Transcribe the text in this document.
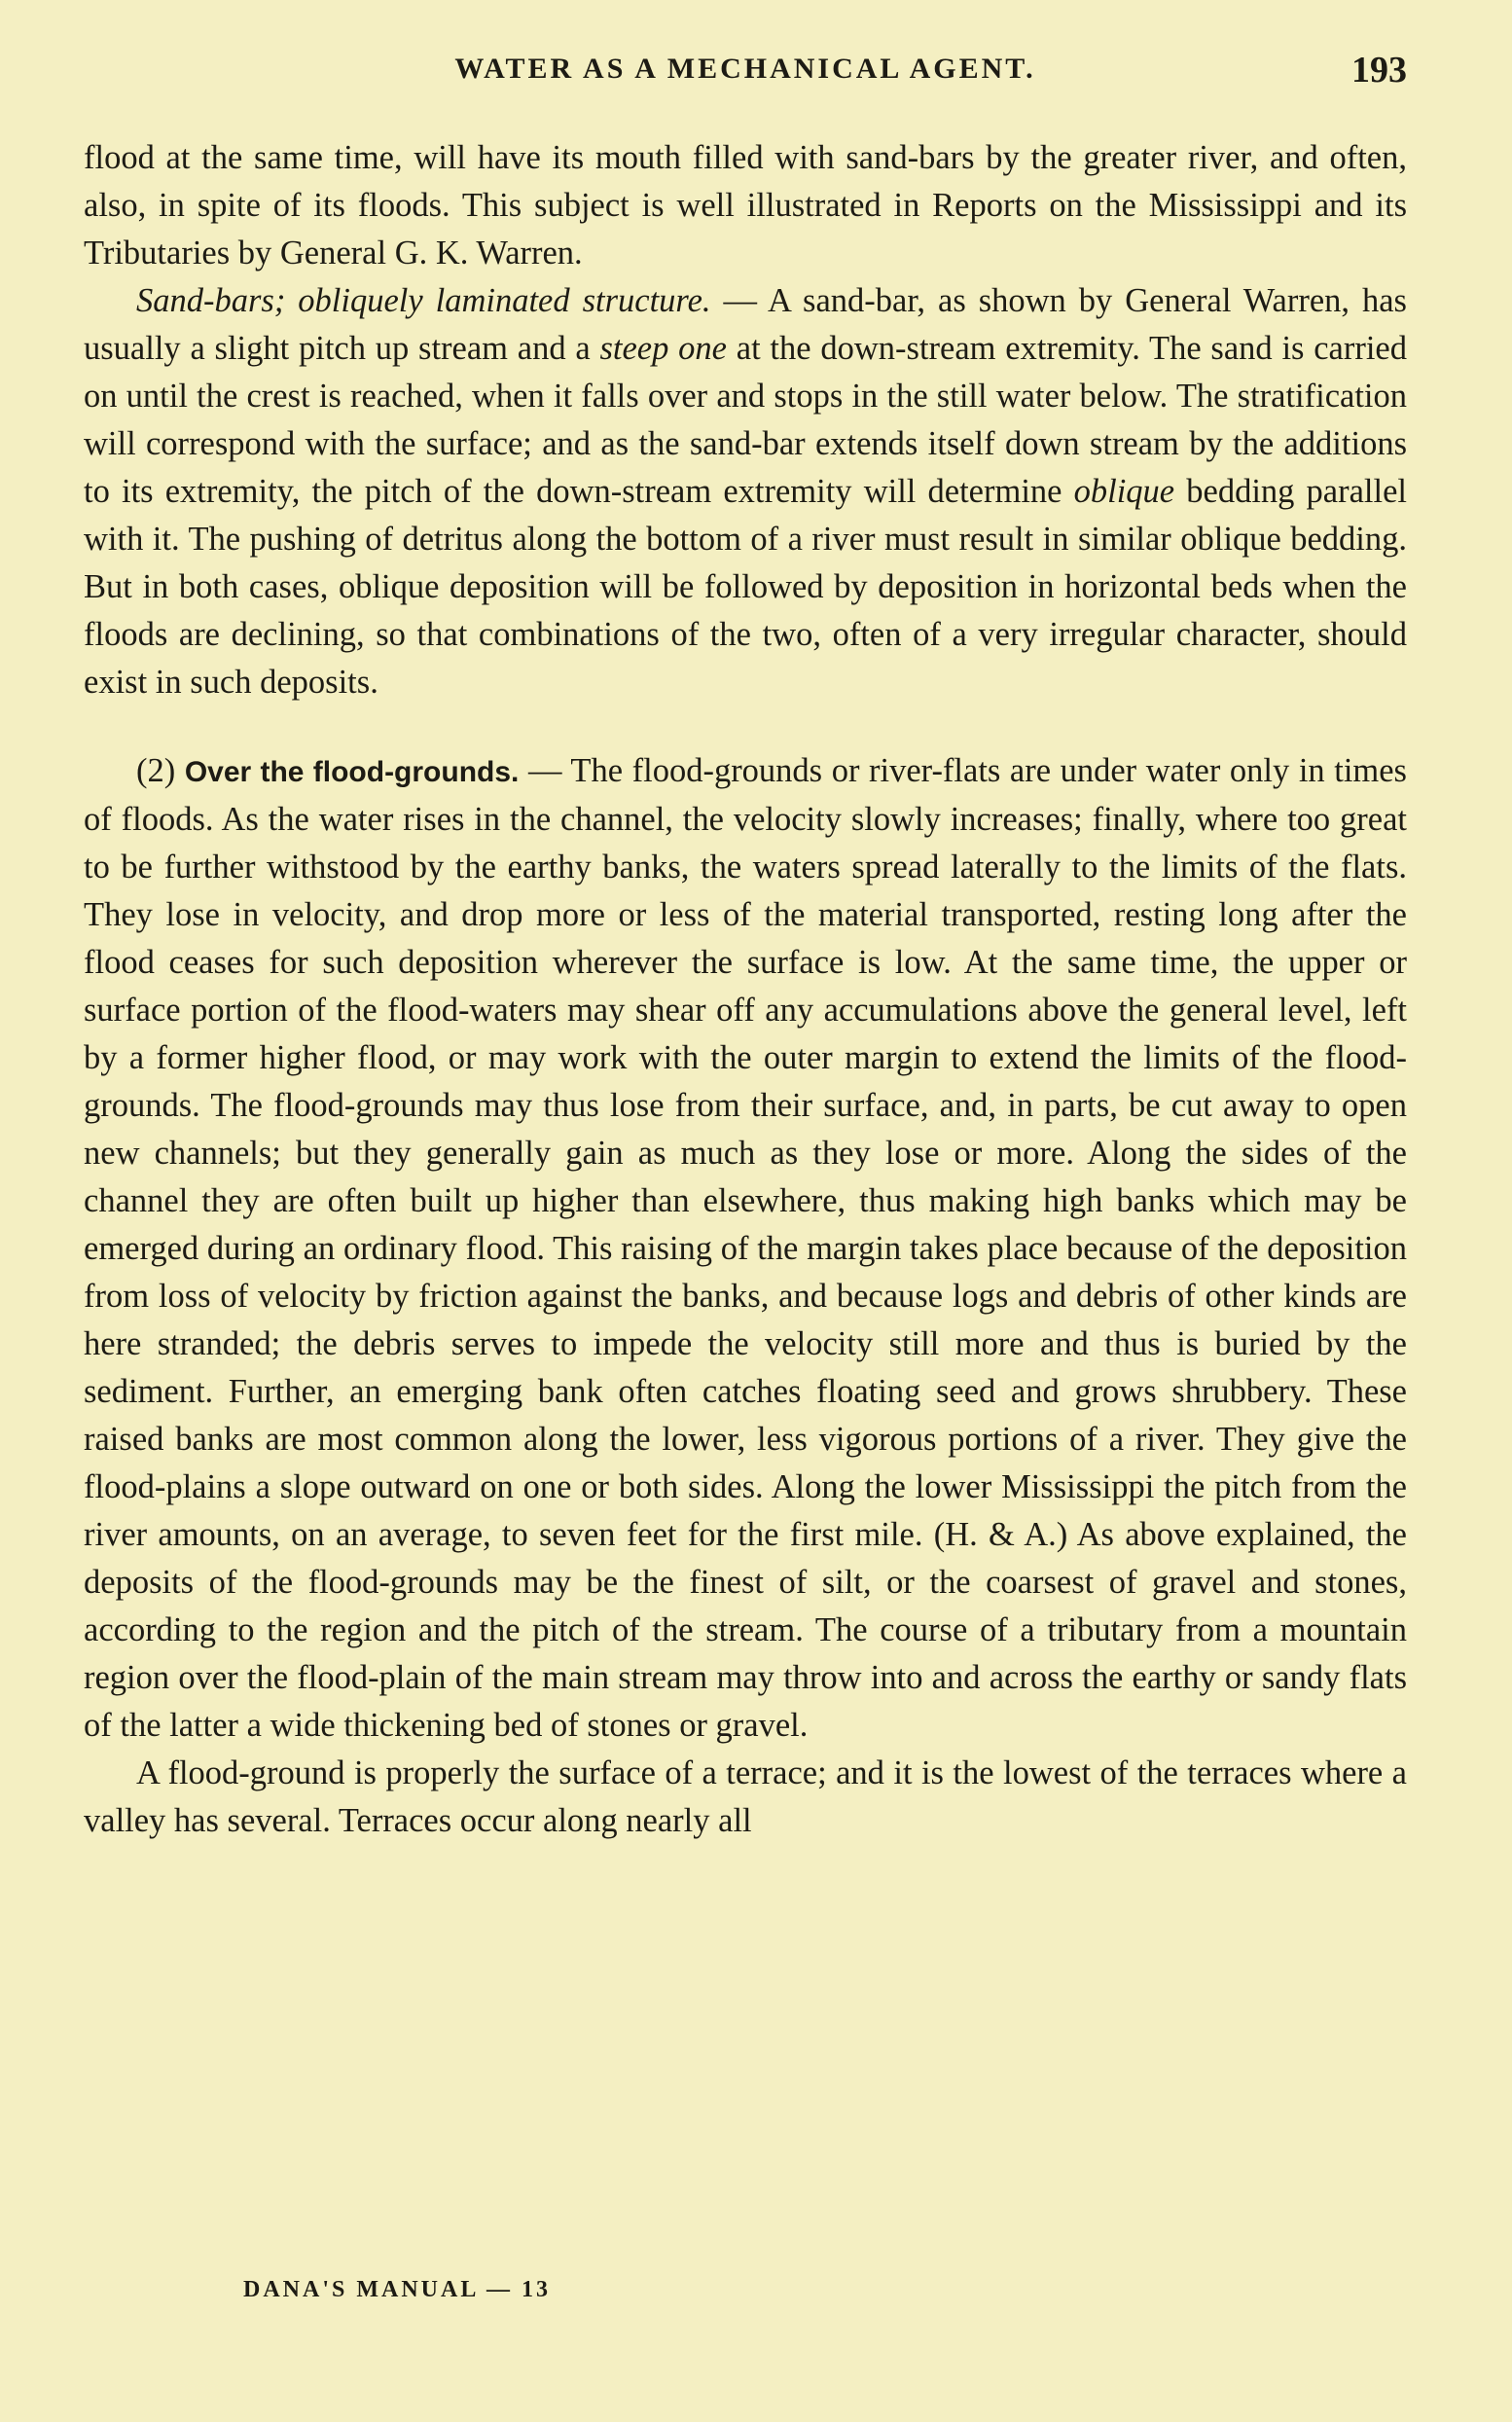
WATER AS A MECHANICAL AGENT.	193

flood at the same time, will have its mouth filled with sand-bars by the greater river, and often, also, in spite of its floods. This subject is well illustrated in Reports on the Mississippi and its Tributaries by General G. K. Warren.

Sand-bars; obliquely laminated structure. — A sand-bar, as shown by General Warren, has usually a slight pitch up stream and a steep one at the down-stream extremity. The sand is carried on until the crest is reached, when it falls over and stops in the still water below. The stratification will correspond with the surface; and as the sand-bar extends itself down stream by the additions to its extremity, the pitch of the down-stream extremity will determine oblique bedding parallel with it. The pushing of detritus along the bottom of a river must result in similar oblique bedding. But in both cases, oblique deposition will be followed by deposition in horizontal beds when the floods are declining, so that combinations of the two, often of a very irregular character, should exist in such deposits.

(2) Over the flood-grounds. — The flood-grounds or river-flats are under water only in times of floods. As the water rises in the channel, the velocity slowly increases; finally, where too great to be further withstood by the earthy banks, the waters spread laterally to the limits of the flats. They lose in velocity, and drop more or less of the material transported, resting long after the flood ceases for such deposition wherever the surface is low. At the same time, the upper or surface portion of the flood-waters may shear off any accumulations above the general level, left by a former higher flood, or may work with the outer margin to extend the limits of the flood-grounds. The flood-grounds may thus lose from their surface, and, in parts, be cut away to open new channels; but they generally gain as much as they lose or more. Along the sides of the channel they are often built up higher than elsewhere, thus making high banks which may be emerged during an ordinary flood. This raising of the margin takes place because of the deposition from loss of velocity by friction against the banks, and because logs and debris of other kinds are here stranded; the debris serves to impede the velocity still more and thus is buried by the sediment. Further, an emerging bank often catches floating seed and grows shrubbery. These raised banks are most common along the lower, less vigorous portions of a river. They give the flood-plains a slope outward on one or both sides. Along the lower Mississippi the pitch from the river amounts, on an average, to seven feet for the first mile. (H. & A.) As above explained, the deposits of the flood-grounds may be the finest of silt, or the coarsest of gravel and stones, according to the region and the pitch of the stream. The course of a tributary from a mountain region over the flood-plain of the main stream may throw into and across the earthy or sandy flats of the latter a wide thickening bed of stones or gravel.

A flood-ground is properly the surface of a terrace; and it is the lowest of the terraces where a valley has several. Terraces occur along nearly all

DANA'S MANUAL — 13
